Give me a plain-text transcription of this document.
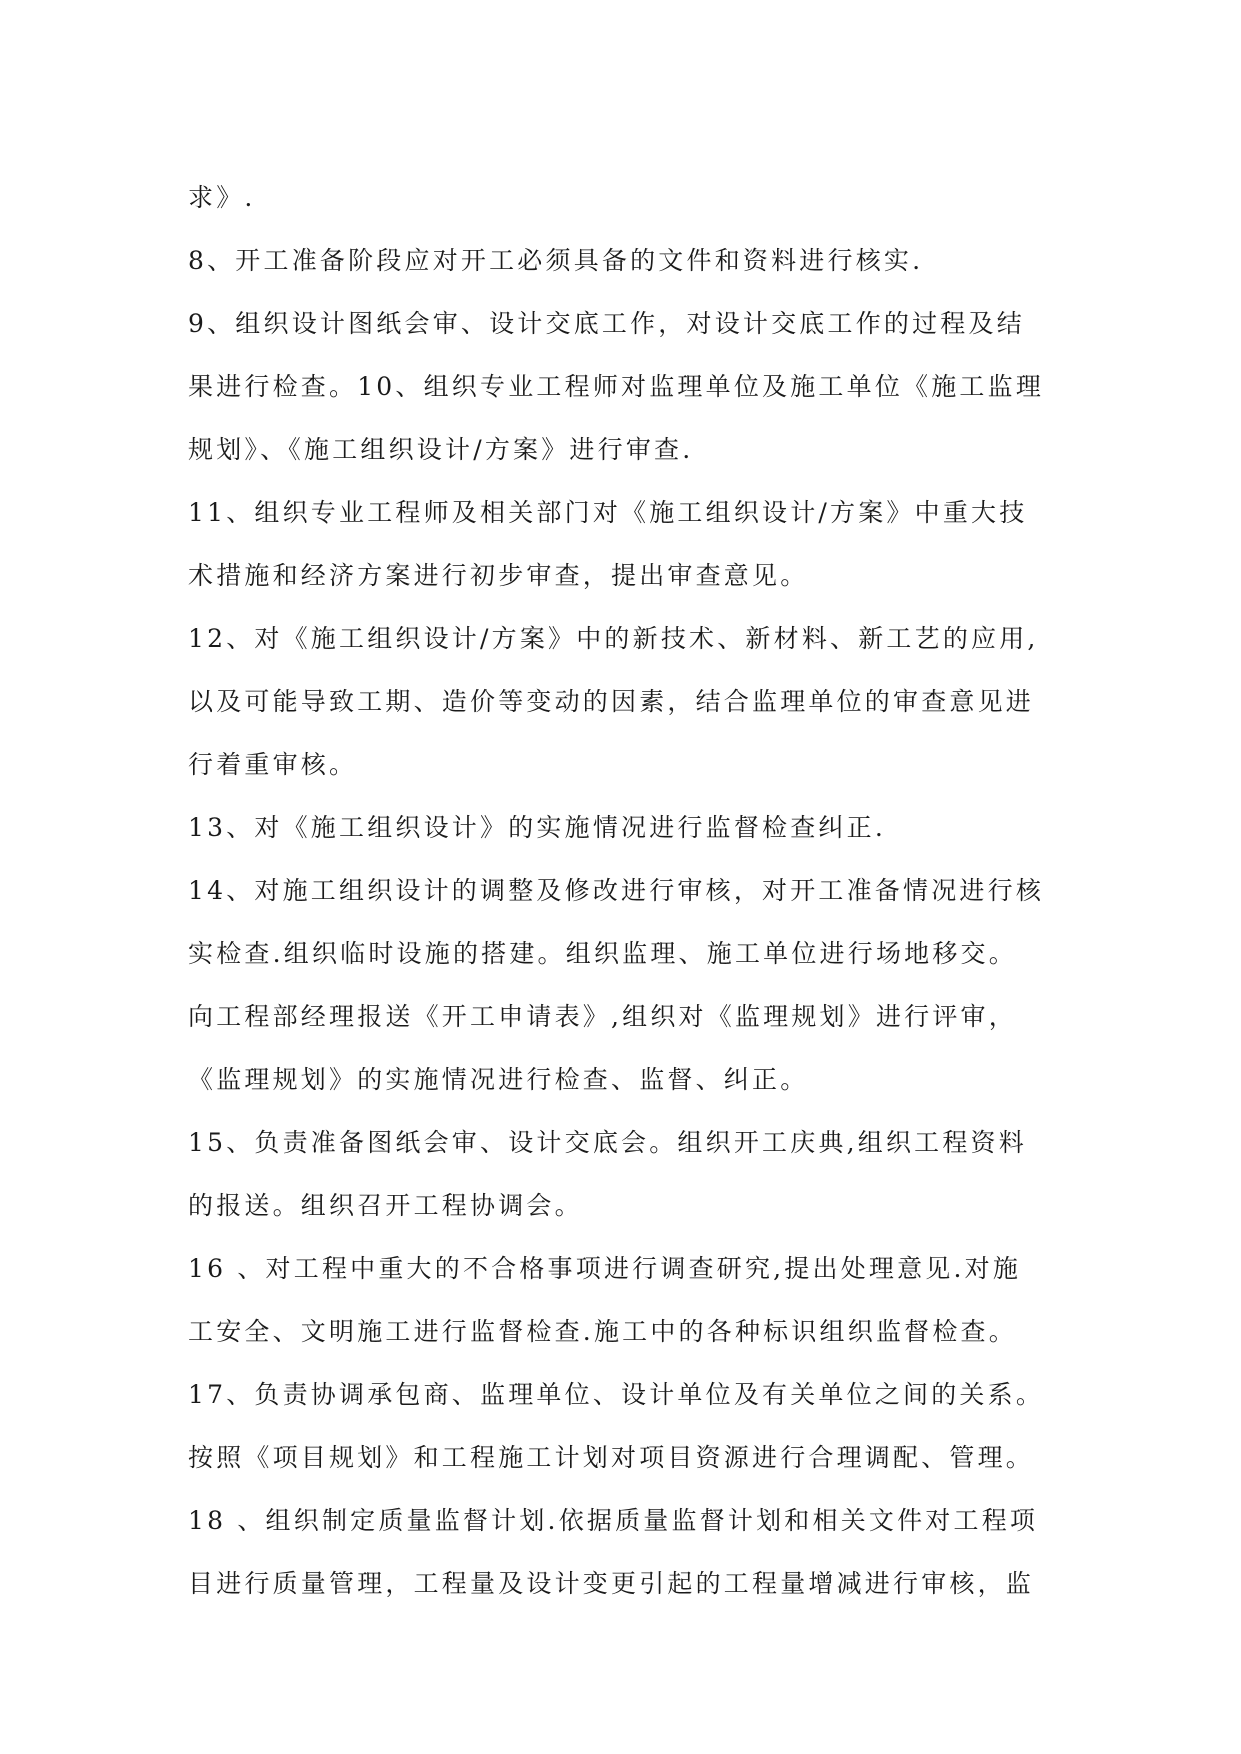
求》.
8、开工准备阶段应对开工必须具备的文件和资料进行核实.
9、组织设计图纸会审、设计交底工作，对设计交底工作的过程及结
果进行检查。10、组织专业工程师对监理单位及施工单位《施工监理
规划》、《施工组织设计/方案》进行审查.
11、组织专业工程师及相关部门对《施工组织设计/方案》中重大技
术措施和经济方案进行初步审查，提出审查意见。
12、对《施工组织设计/方案》中的新技术、新材料、新工艺的应用,
以及可能导致工期、造价等变动的因素，结合监理单位的审查意见进
行着重审核。
13、对《施工组织设计》的实施情况进行监督检查纠正.
14、对施工组织设计的调整及修改进行审核，对开工准备情况进行核
实检查.组织临时设施的搭建。组织监理、施工单位进行场地移交。
向工程部经理报送《开工申请表》,组织对《监理规划》进行评审，
《监理规划》的实施情况进行检查、监督、纠正。
15、负责准备图纸会审、设计交底会。组织开工庆典,组织工程资料
的报送。组织召开工程协调会。
16 、对工程中重大的不合格事项进行调查研究,提出处理意见.对施
工安全、文明施工进行监督检查.施工中的各种标识组织监督检查。
17、负责协调承包商、监理单位、设计单位及有关单位之间的关系。
按照《项目规划》和工程施工计划对项目资源进行合理调配、管理。
18 、组织制定质量监督计划.依据质量监督计划和相关文件对工程项
目进行质量管理，工程量及设计变更引起的工程量增减进行审核，监
